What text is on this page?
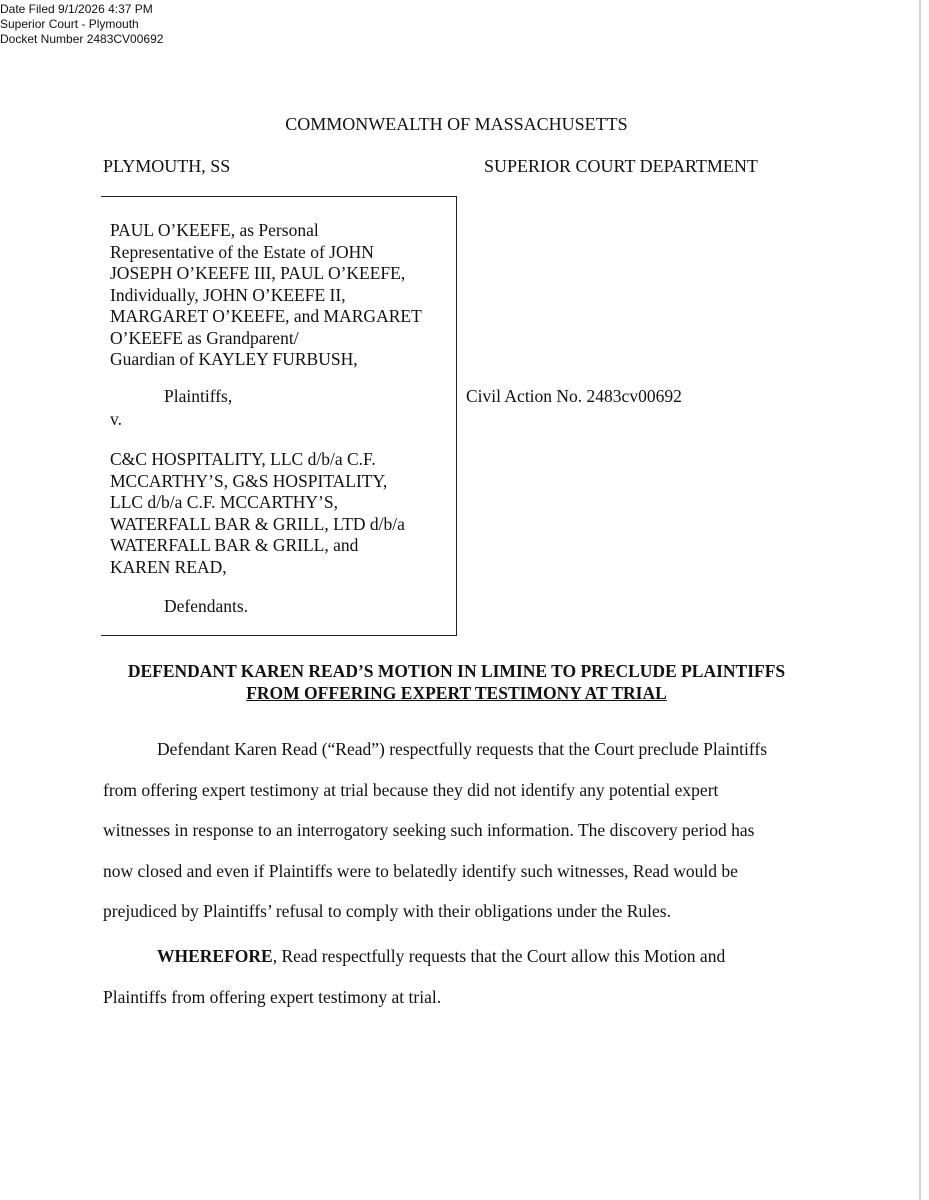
Date Filed 9/1/2026 4:37 PM
Superior Court - Plymouth
Docket Number 2483CV00692
COMMONWEALTH OF MASSACHUSETTS
PLYMOUTH, SS	SUPERIOR COURT DEPARTMENT
PAUL O’KEEFE, as Personal
Representative of the Estate of JOHN
JOSEPH O’KEEFE III, PAUL O’KEEFE,
Individually, JOHN O’KEEFE II,
MARGARET O’KEEFE, and MARGARET
O’KEEFE as Grandparent/
Guardian of KAYLEY FURBUSH,
Plaintiffs,
v.
Civil Action No. 2483cv00692
C&C HOSPITALITY, LLC d/b/a C.F.
MCCARTHY’S, G&S HOSPITALITY,
LLC d/b/a C.F. MCCARTHY’S,
WATERFALL BAR & GRILL, LTD d/b/a
WATERFALL BAR & GRILL, and
KAREN READ,
Defendants.
DEFENDANT KAREN READ’S MOTION IN LIMINE TO PRECLUDE PLAINTIFFS
FROM OFFERING EXPERT TESTIMONY AT TRIAL
Defendant Karen Read (“Read”) respectfully requests that the Court preclude Plaintiffs
from offering expert testimony at trial because they did not identify any potential expert
witnesses in response to an interrogatory seeking such information. The discovery period has
now closed and even if Plaintiffs were to belatedly identify such witnesses, Read would be
prejudiced by Plaintiffs’ refusal to comply with their obligations under the Rules.
WHEREFORE, Read respectfully requests that the Court allow this Motion and
Plaintiffs from offering expert testimony at trial.
